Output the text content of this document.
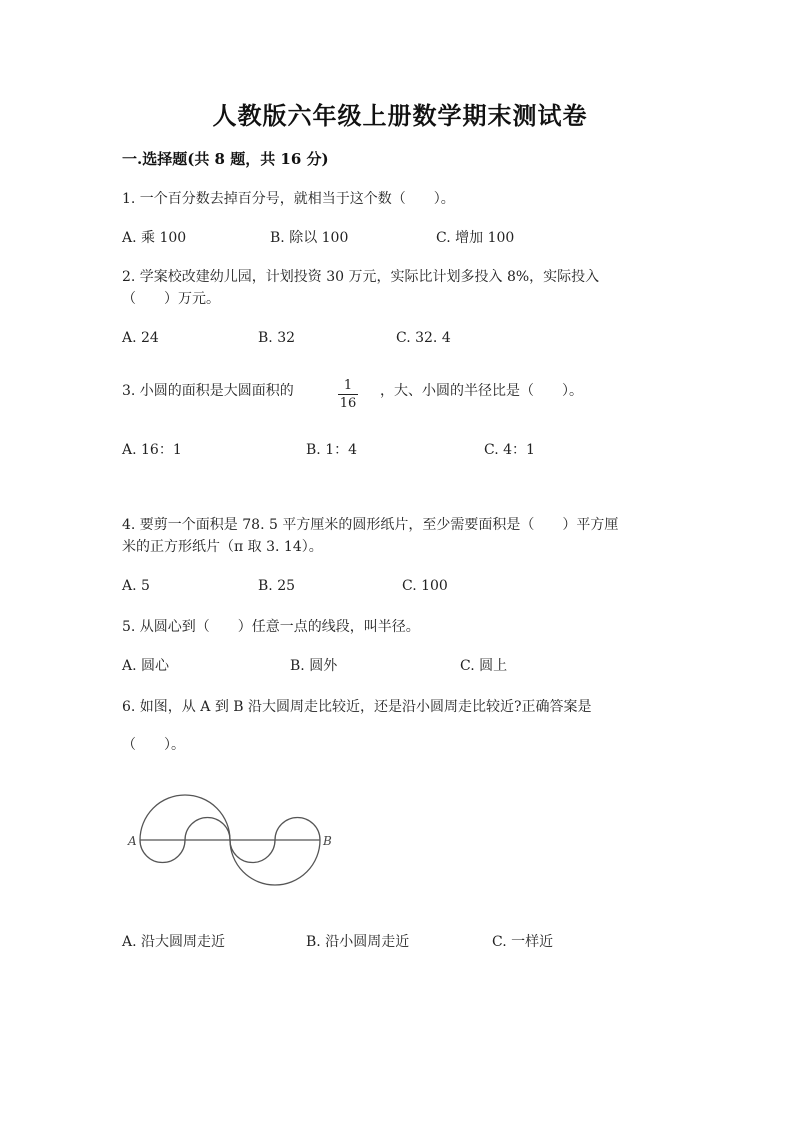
人教版六年级上册数学期末测试卷
一.选择题(共 8 题，共 16 分)
1. 一个百分数去掉百分号，就相当于这个数（　　）。
A. 乘 100	B. 除以 100	C. 增加 100
2. 学案校改建幼儿园，计划投资 30 万元，实际比计划多投入 8%，实际投入
（　　）万元。
A. 24	B. 32	C. 32. 4
3. 小圆的面积是大圆面积的	$\frac{1}{16}$ ，大、小圆的半径比是（　　）。
A. 16：1	B. 1：4	C. 4：1
4. 要剪一个面积是 78. 5 平方厘米的圆形纸片，至少需要面积是（　　）平方厘
米的正方形纸片（π 取 3. 14）。
A. 5	B. 25	C. 100
5. 从圆心到（　　）任意一点的线段，叫半径。
A. 圆心	B. 圆外	C. 圆上
6. 如图，从 A 到 B 沿大圆周走比较近，还是沿小圆周走比较近?正确答案是
（　　）。
A	B
A. 沿大圆周走近	B. 沿小圆周走近	C. 一样近
